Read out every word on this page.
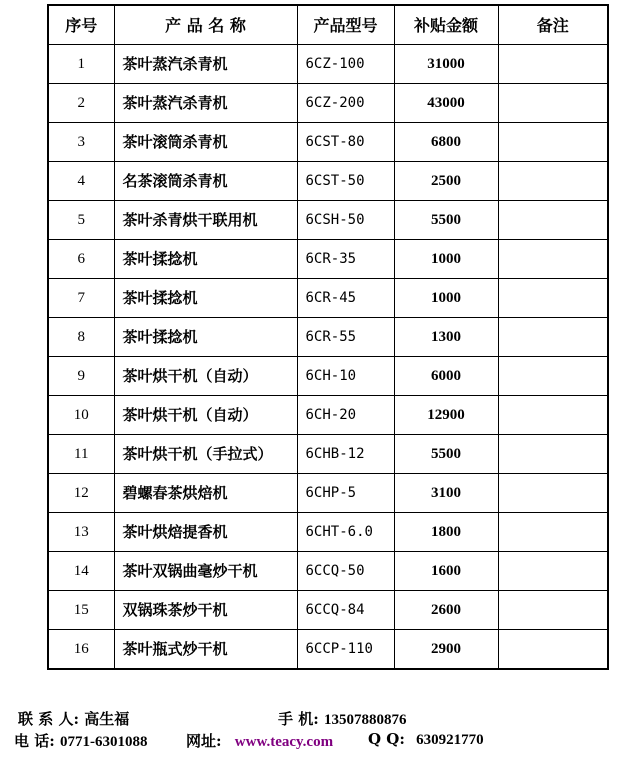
序号	产 品 名 称	产品型号	补贴金额	备注
1	茶叶蒸汽杀青机	6CZ-100	31000	
2	茶叶蒸汽杀青机	6CZ-200	43000	
3	茶叶滚筒杀青机	6CST-80	6800	
4	名茶滚筒杀青机	6CST-50	2500	
5	茶叶杀青烘干联用机	6CSH-50	5500	
6	茶叶揉捻机	6CR-35	1000	
7	茶叶揉捻机	6CR-45	1000	
8	茶叶揉捻机	6CR-55	1300	
9	茶叶烘干机（自动）	6CH-10	6000	
10	茶叶烘干机（自动）	6CH-20	12900	
11	茶叶烘干机（手拉式）	6CHB-12	5500	
12	碧螺春茶烘焙机	6CHP-5	3100	
13	茶叶烘焙提香机	6CHT-6.0	1800	
14	茶叶双锅曲毫炒干机	6CCQ-50	1600	
15	双锅珠茶炒干机	6CCQ-84	2600	
16	茶叶瓶式炒干机	6CCP-110	2900	
联 系 人: 高生福	手 机: 13507880876
电 话: 0771-6301088	网址: www.teacy.com Q Q: 630921770
